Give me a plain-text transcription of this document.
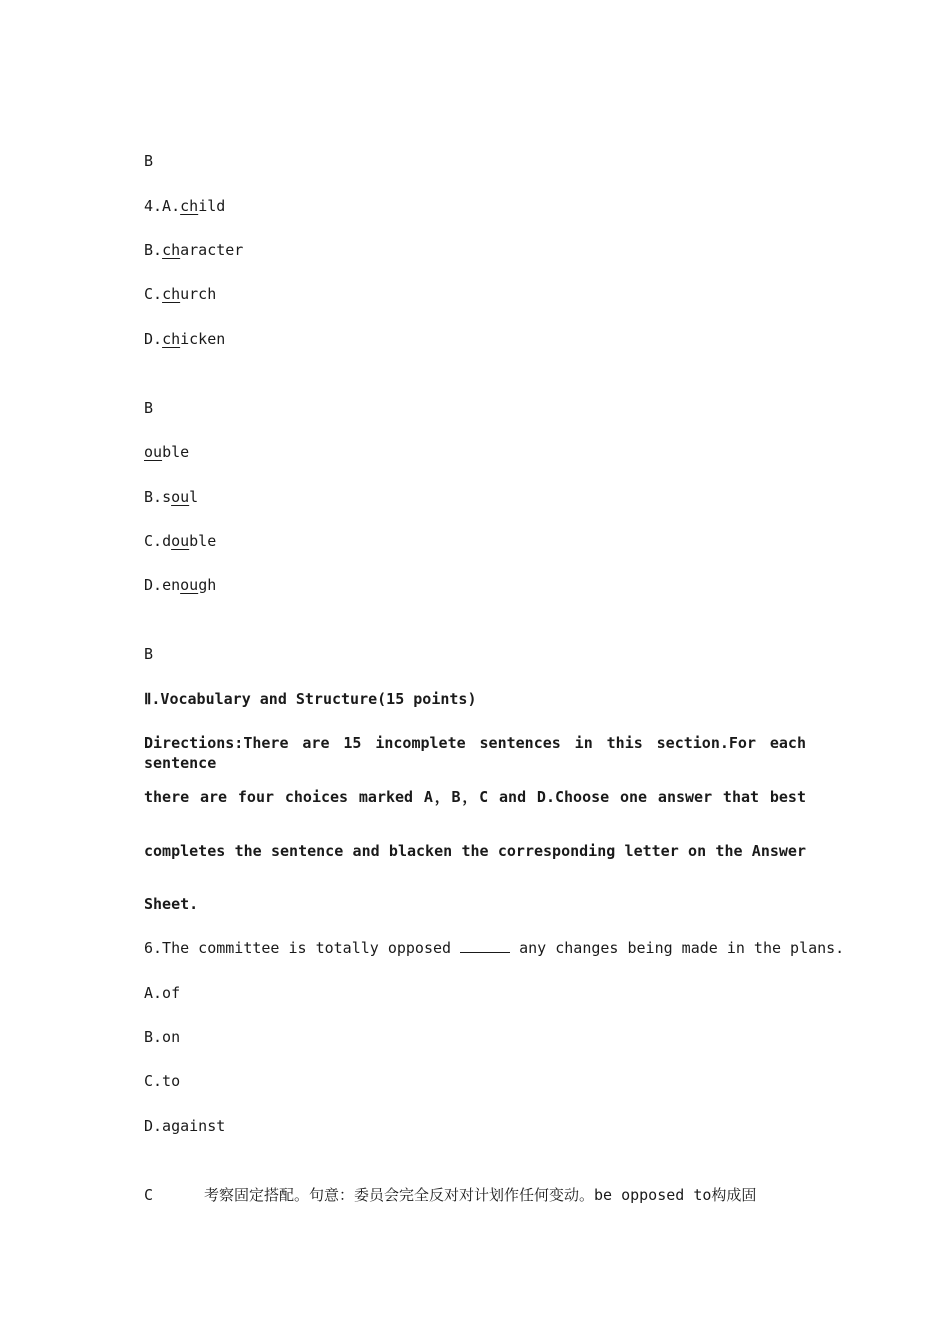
B
4.A.child
B.character
C.church
D.chicken
B
ouble
B.soul
C.double
D.enough
B
Ⅱ.Vocabulary and Structure(15 points)
Directions:There are 15 incomplete sentences in this section.For each sentence
there are four choices marked A，B，C and D.Choose one answer that best
completes the sentence and blacken the corresponding letter on the Answer
Sheet.
6.The committee is totally opposed	any changes being made in the plans.
A.of
B.on
C.to
D.against
C	考察固定搭配。句意：委员会完全反对对计划作任何变动。be opposed to构成固
